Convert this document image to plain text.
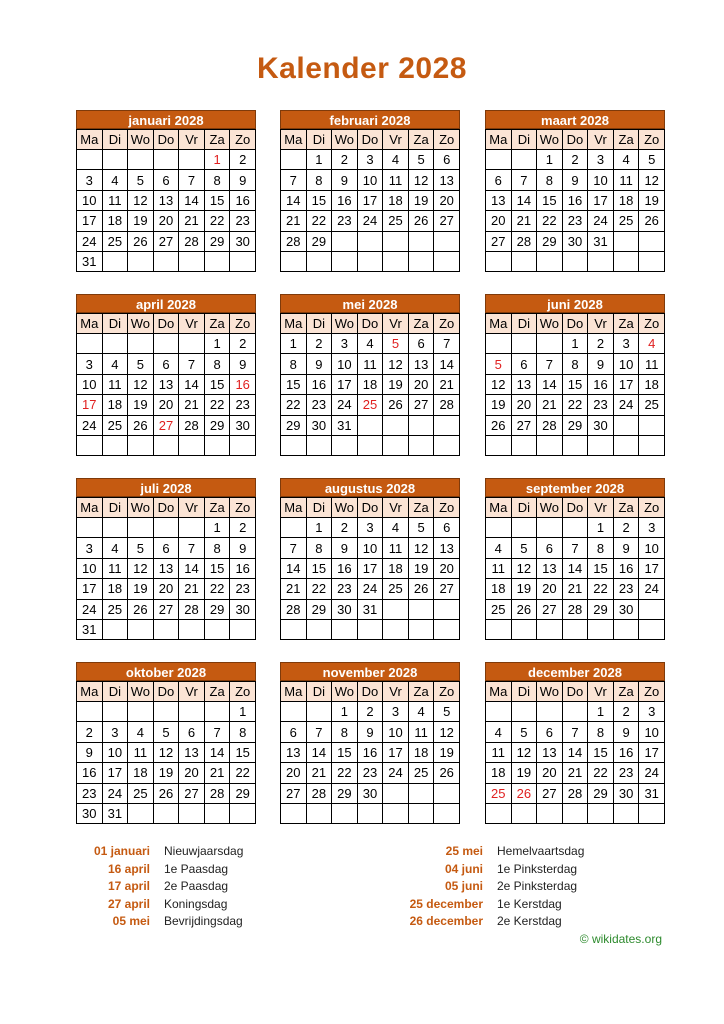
Kalender 2028
januari 2028
Ma	Di	Wo	Do	Vr	Za	Zo
					1	2
3	4	5	6	7	8	9
10	11	12	13	14	15	16
17	18	19	20	21	22	23
24	25	26	27	28	29	30
31						
februari 2028
Ma	Di	Wo	Do	Vr	Za	Zo
	1	2	3	4	5	6
7	8	9	10	11	12	13
14	15	16	17	18	19	20
21	22	23	24	25	26	27
28	29					

maart 2028
Ma	Di	Wo	Do	Vr	Za	Zo
		1	2	3	4	5
6	7	8	9	10	11	12
13	14	15	16	17	18	19
20	21	22	23	24	25	26
27	28	29	30	31		

april 2028
Ma	Di	Wo	Do	Vr	Za	Zo
					1	2
3	4	5	6	7	8	9
10	11	12	13	14	15	16
17	18	19	20	21	22	23
24	25	26	27	28	29	30

mei 2028
Ma	Di	Wo	Do	Vr	Za	Zo
1	2	3	4	5	6	7
8	9	10	11	12	13	14
15	16	17	18	19	20	21
22	23	24	25	26	27	28
29	30	31				

juni 2028
Ma	Di	Wo	Do	Vr	Za	Zo
			1	2	3	4
5	6	7	8	9	10	11
12	13	14	15	16	17	18
19	20	21	22	23	24	25
26	27	28	29	30		

juli 2028
Ma	Di	Wo	Do	Vr	Za	Zo
					1	2
3	4	5	6	7	8	9
10	11	12	13	14	15	16
17	18	19	20	21	22	23
24	25	26	27	28	29	30
31						
augustus 2028
Ma	Di	Wo	Do	Vr	Za	Zo
	1	2	3	4	5	6
7	8	9	10	11	12	13
14	15	16	17	18	19	20
21	22	23	24	25	26	27
28	29	30	31			

september 2028
Ma	Di	Wo	Do	Vr	Za	Zo
				1	2	3
4	5	6	7	8	9	10
11	12	13	14	15	16	17
18	19	20	21	22	23	24
25	26	27	28	29	30	

oktober 2028
Ma	Di	Wo	Do	Vr	Za	Zo
						1
2	3	4	5	6	7	8
9	10	11	12	13	14	15
16	17	18	19	20	21	22
23	24	25	26	27	28	29
30	31					
november 2028
Ma	Di	Wo	Do	Vr	Za	Zo
		1	2	3	4	5
6	7	8	9	10	11	12
13	14	15	16	17	18	19
20	21	22	23	24	25	26
27	28	29	30			

december 2028
Ma	Di	Wo	Do	Vr	Za	Zo
				1	2	3
4	5	6	7	8	9	10
11	12	13	14	15	16	17
18	19	20	21	22	23	24
25	26	27	28	29	30	31

01 januari Nieuwjaarsdag
16 april 1e Paasdag
17 april 2e Paasdag
27 april Koningsdag
05 mei Bevrijdingsdag
25 mei Hemelvaartsdag
04 juni 1e Pinksterdag
05 juni 2e Pinksterdag
25 december 1e Kerstdag
26 december 2e Kerstdag
© wikidates.org
